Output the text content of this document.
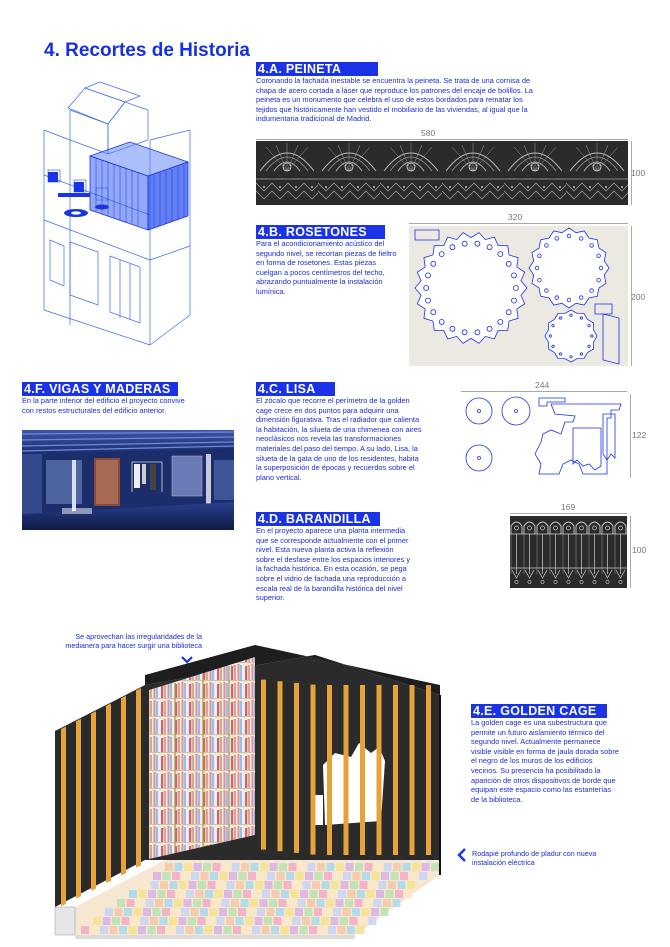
4. Recortes de Historia
4.A. PEINETA
Coronando la fachada inestable se encuentra la peineta. Se trata de una cornisa de chapa de acero cortada a láser que reproduce los patrones del encaje de bolillos. La peineta es un monumento que celebra el uso de estos bordados para rematar los tejidos que históricamente han vestido el mobiliario de las viviendas, al igual que la indumentaria tradicional de Madrid.
580
100
4.B. ROSETONES
Para el acondicionamiento acústico del segundo nivel, se recortan piezas de fieltro en forma de rosetones. Estas piezas cuelgan a pocos centímetros del techo, abrazando puntualmente la instalación lumínica.
320
200
4.F. VIGAS Y MADERAS
En la parte inferior del edificio el proyecto convive con restos estructurales del edificio anterior.
4.C. LISA
El zócalo que recorre el perímetro de la golden cage crece en dos puntos para adquirir una dimensión figurativa. Tras el radiador que calienta la habitación, la silueta de una chimenea con aires neoclásicos nos revela las transformaciones materiales del paso del tiempo. A su lado, Lisa, la silueta de la gata de uno de los residentes, habita la superposición de épocas y recuerdos sobre el plano vertical.
244
122
4.D. BARANDILLA
En el proyecto aparece una planta intermedia que se corresponde actualmente con el primer nivel. Esta nueva planta activa la reflexión sobre el desfase entre los espacios interiores y la fachada histórica. En esta ocasión, se pega sobre el vidrio de fachada una reproducción a escala real de la barandilla histórica del nivel superior.
169
100
Se aprovechan las irregularidades de la medianera para hacer surgir una biblioteca
4.E. GOLDEN CAGE
La golden cage es una subestructura que permite un futuro aislamiento térmico del segundo nivel. Actualmente permanece visible visible en forma de jaula dorada sobre el negro de los muros de los edificios vecinos. Su presencia ha posibilitado la aparición de otros dispositivos de borde que equipan este espacio como las estanterías de la biblioteca.
Rodapié profundo de pladur con nueva instalación eléctrica
